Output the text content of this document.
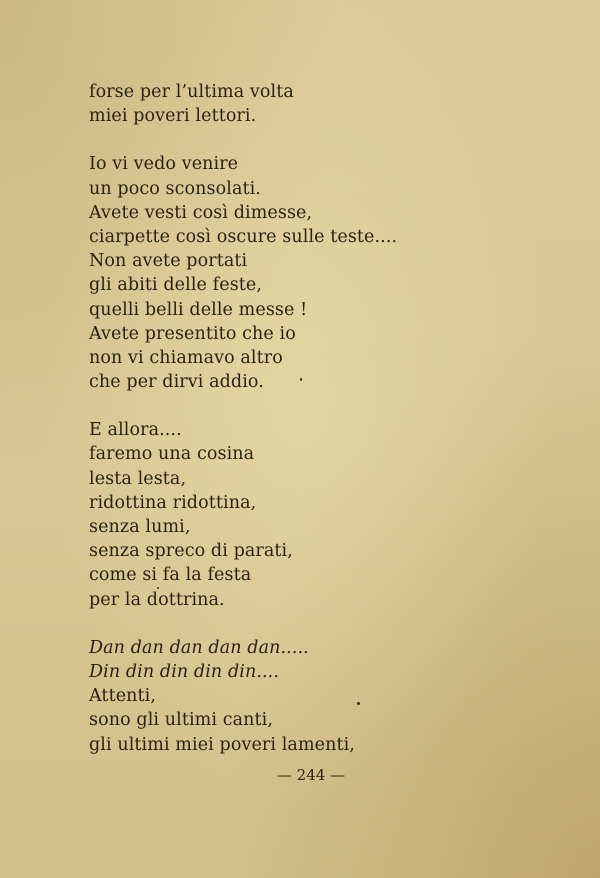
forse per l’ultima volta
miei poveri lettori.
Io vi vedo venire
un poco sconsolati.
Avete vesti così dimesse,
ciarpette così oscure sulle teste....
Non avete portati
gli abiti delle feste,
quelli belli delle messe !
Avete presentito che io
non vi chiamavo altro
che per dirvi addio.
E allora....
faremo una cosina
lesta lesta,
ridottina ridottina,
senza lumi,
senza spreco di parati,
come si fa la festa
per la dottrina.
Dan dan dan dan dan.....
Din din din din din....
Attenti,
sono gli ultimi canti,
gli ultimi miei poveri lamenti,
— 244 —
